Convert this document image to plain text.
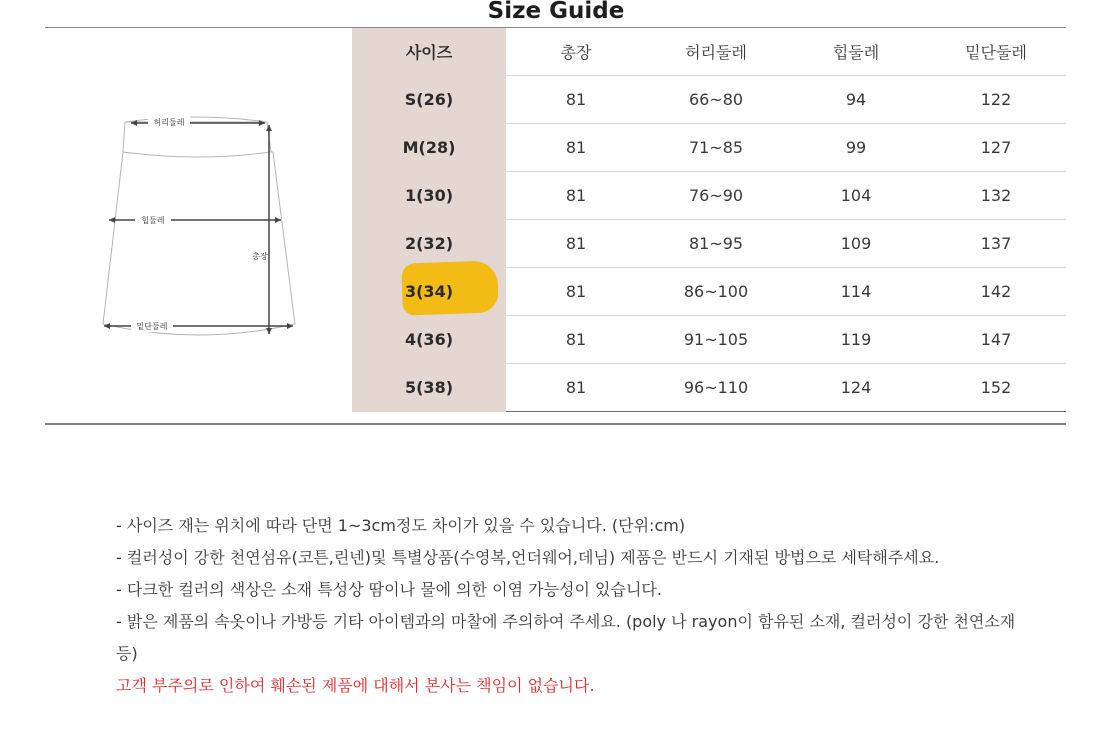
Size Guide
허리둘레
힙둘레
총장
밑단둘레
사이즈	총장	허리둘레	힙둘레	밑단둘레
S(26)	81	66~80	94	122
M(28)	81	71~85	99	127
1(30)	81	76~90	104	132
2(32)	81	81~95	109	137

3(34)	81	86~100	114	142
4(36)	81	91~105	119	147
5(38)	81	96~110	124	152
- 사이즈 재는 위치에 따라 단면 1~3cm정도 차이가 있을 수 있습니다. (단위:cm)
- 컬러성이 강한 천연섬유(코튼,린넨)및 특별상품(수영복,언더웨어,데님) 제품은 반드시 기재된 방법으로 세탁해주세요.
- 다크한 컬러의 색상은 소재 특성상 땀이나 물에 의한 이염 가능성이 있습니다.
- 밝은 제품의 속옷이나 가방등 기타 아이템과의 마찰에 주의하여 주세요. (poly 나 rayon이 함유된 소재, 컬러성이 강한 천연소재 등)
고객 부주의로 인하여 훼손된 제품에 대해서 본사는 책임이 없습니다.
